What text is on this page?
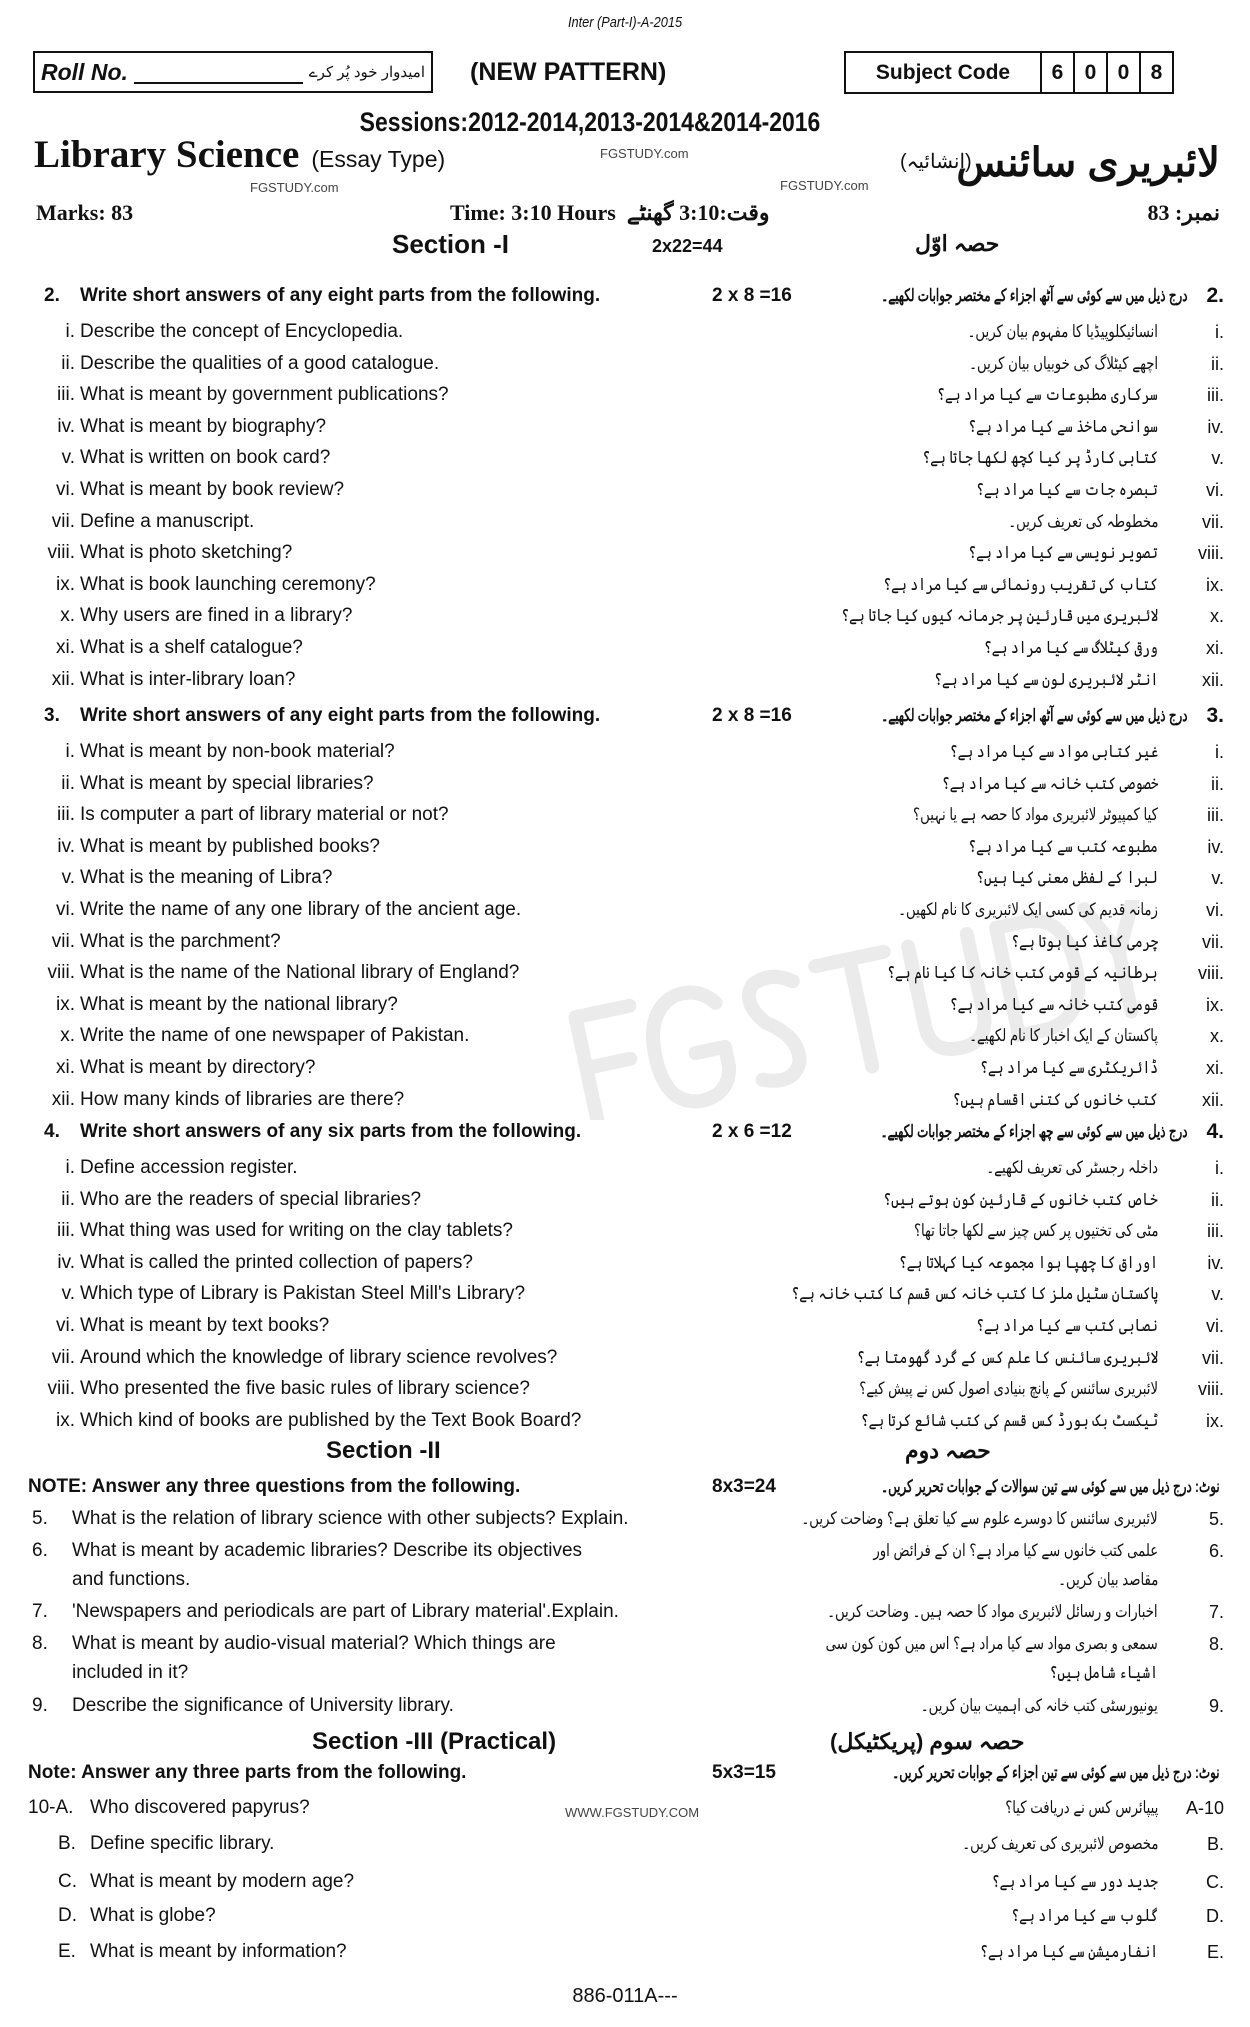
Inter (Part-I)-A-2015
Roll No.	امیدوار خود پُر کرے (NEW PATTERN)	Subject Code	6	0	0	8
Sessions:2012-2014,2013-2014&2014-2016
Library Science (Essay Type)	(انشائیہ)
لائبریری سائنس
FGSTUDY.com
FGSTUDY.com	FGSTUDY.com
Marks: 83	Time: 3:10 Hours وقت:3:10 گھنٹے	نمبر: 83
Section -I	2x22=44	حصہ اوّل
2. Write short answers of any eight parts from the following.	2 x 8 =16	درج ذیل میں سے کوئی سے آٹھ اجزاء کے مختصر جوابات لکھیے۔ 2.
i. Describe the concept of Encyclopedia.	انسائیکلوپیڈیا کا مفہوم بیان کریں۔	i.
ii. Describe the qualities of a good catalogue.	اچھے کیٹلاگ کی خوبیاں بیان کریں۔	ii.
iii. What is meant by government publications?	سرکاری مطبوعات سے کیا مراد ہے؟	iii.
iv. What is meant by biography?	سوانحی ماخذ سے کیا مراد ہے؟	iv.
v. What is written on book card?	کتابی کارڈ پر کیا کچھ لکھا جاتا ہے؟	v.
vi. What is meant by book review?	تبصرہ جات سے کیا مراد ہے؟	vi.
vii. Define a manuscript.	مخطوطہ کی تعریف کریں۔ vii.
viii. What is photo sketching?	تصویر نویسی سے کیا مراد ہے؟ viii.
ix. What is book launching ceremony?	کتاب کی تقریب رونمائی سے کیا مراد ہے؟	ix.
x. Why users are fined in a library?	لائبریری میں قارئین پر جرمانہ کیوں کیا جاتا ہے؟	x.
xi. What is a shelf catalogue?	ورقی کیٹلاگ سے کیا مراد ہے؟	xi.
xii. What is inter-library loan?	انٹر لائبریری لون سے کیا مراد ہے؟ xii.
3. Write short answers of any eight parts from the following.	2 x 8 =16	درج ذیل میں سے کوئی سے آٹھ اجزاء کے مختصر جوابات لکھیے۔ 3.
i. What is meant by non-book material?	غیر کتابی مواد سے کیا مراد ہے؟	i.
ii. What is meant by special libraries?	خصوصی کتب خانہ سے کیا مراد ہے؟	ii.
iii. Is computer a part of library material or not?	کیا کمپیوٹر لائبریری مواد کا حصہ ہے یا نہیں؟	iii.
iv. What is meant by published books?	مطبوعہ کتب سے کیا مراد ہے؟	iv.
v. What is the meaning of Libra?	لبرا کے لفظی معنی کیا ہیں؟	v.
vi. Write the name of any one library of the ancient age.	زمانہ قدیم کی کسی ایک لائبریری کا نام لکھیں۔	vi.
vii. What is the parchment?	چرمی کاغذ کیا ہوتا ہے؟ vii.
viii. What is the name of the National library of England?	برطانیہ کے قومی کتب خانہ کا کیا نام ہے؟ viii.
ix. What is meant by the national library?	قومی کتب خانہ سے کیا مراد ہے؟	ix.
x. Write the name of one newspaper of Pakistan.	پاکستان کے ایک اخبار کا نام لکھیے۔	x.
xi. What is meant by directory?	ڈائریکٹری سے کیا مراد ہے؟	xi.
xii. How many kinds of libraries are there?	کتب خانوں کی کتنی اقسام ہیں؟ xii.
4. Write short answers of any six parts from the following.	2 x 6 =12	درج ذیل میں سے کوئی سے چھ اجزاء کے مختصر جوابات لکھیے۔ 4.
i. Define accession register.	داخلہ رجسٹر کی تعریف لکھیے۔	i.
ii. Who are the readers of special libraries?	خاص کتب خانوں کے قارئین کون ہوتے ہیں؟	ii.
iii. What thing was used for writing on the clay tablets?	مٹی کی تختیوں پر کس چیز سے لکھا جاتا تھا؟	iii.
iv. What is called the printed collection of papers?	اوراق کا چھپا ہوا مجموعہ کیا کہلاتا ہے؟	iv.
v. Which type of Library is Pakistan Steel Mill's Library?	پاکستان سٹیل ملز کا کتب خانہ کس قسم کا کتب خانہ ہے؟	v.
vi. What is meant by text books?	نصابی کتب سے کیا مراد ہے؟	vi.
vii. Around which the knowledge of library science revolves?	لائبریری سائنس کا علم کس کے گرد گھومتا ہے؟ vii.
viii. Who presented the five basic rules of library science?	لائبریری سائنس کے پانچ بنیادی اصول کس نے پیش کیے؟ viii.
ix. Which kind of books are published by the Text Book Board?	ٹیکسٹ بک بورڈ کس قسم کی کتب شائع کرتا ہے؟	ix.
NOTE: Answer any three questions from the following.	8x3=24	نوٹ: درج ذیل میں سے کوئی سے تین سوالات کے جوابات تحریر کریں۔
5. What is the relation of library science with other subjects? Explain.	لائبریری سائنس کا دوسرے علوم سے کیا تعلق ہے؟ وضاحت کریں۔	5.
6. What is meant by academic libraries? Describe its objectives	علمی کتب خانوں سے کیا مراد ہے؟ ان کے فرائض اور	6.
and functions.	مقاصد بیان کریں۔
7. 'Newspapers and periodicals are part of Library material'.Explain.	اخبارات و رسائل لائبریری مواد کا حصہ ہیں۔ وضاحت کریں۔	7.
8. What is meant by audio-visual material? Which things are	سمعی و بصری مواد سے کیا مراد ہے؟ اس میں کون کون سی	8.
included in it?	اشیاء شامل ہیں؟
9. Describe the significance of University library.	یونیورسٹی کتب خانہ کی اہمیت بیان کریں۔	9.
Note: Answer any three parts from the following.	5x3=15	نوٹ: درج ذیل میں سے کوئی سے تین اجزاء کے جوابات تحریر کریں۔
10-A. Who discovered papyrus?	پیپائرس کس نے دریافت کیا؟ A-10
B. Define specific library.	مخصوص لائبریری کی تعریف کریں۔	B.
C. What is meant by modern age?	جدید دور سے کیا مراد ہے؟	C.
D. What is globe?	گلوب سے کیا مراد ہے؟	D.
E. What is meant by information?	انفارمیشن سے کیا مراد ہے؟	E.
Section -II	حصہ دوم
Section -III (Practical)	حصہ سوم (پریکٹیکل)
WWW.FGSTUDY.COM
886-011A---
